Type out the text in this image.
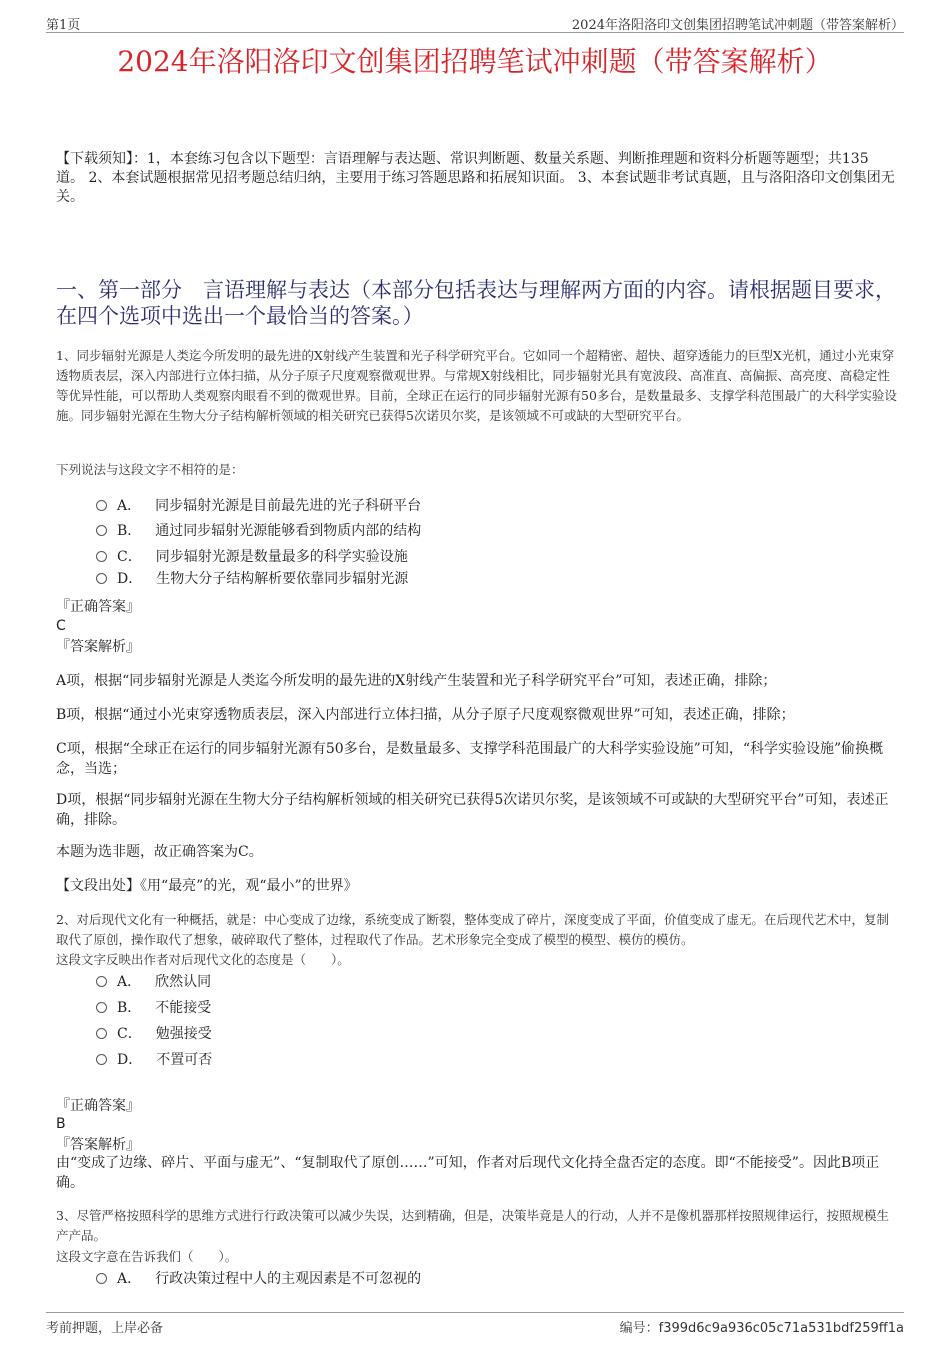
第1页	2024年洛阳洛印文创集团招聘笔试冲刺题（带答案解析）
2024年洛阳洛印文创集团招聘笔试冲刺题（带答案解析）
【下载须知】：1，本套练习包含以下题型：言语理解与表达题、常识判断题、数量关系题、判断推理题和资料分析题等题型；共135道。 2、本套试题根据常见招考题总结归纳，主要用于练习答题思路和拓展知识面。 3、本套试题非考试真题，且与洛阳洛印文创集团无关。
一、第一部分　言语理解与表达（本部分包括表达与理解两方面的内容。请根据题目要求，在四个选项中选出一个最恰当的答案。）
1、同步辐射光源是人类迄今所发明的最先进的X射线产生装置和光子科学研究平台。它如同一个超精密、超快、超穿透能力的巨型X光机，通过小光束穿透物质表层，深入内部进行立体扫描，从分子原子尺度观察微观世界。与常规X射线相比，同步辐射光具有宽波段、高准直、高偏振、高亮度、高稳定性等优异性能，可以帮助人类观察肉眼看不到的微观世界。目前，全球正在运行的同步辐射光源有50多台，是数量最多、支撑学科范围最广的大科学实验设施。同步辐射光源在生物大分子结构解析领域的相关研究已获得5次诺贝尔奖，是该领域不可或缺的大型研究平台。
下列说法与这段文字不相符的是：
A． 同步辐射光源是目前最先进的光子科研平台
B． 通过同步辐射光源能够看到物质内部的结构
C． 同步辐射光源是数量最多的科学实验设施
D． 生物大分子结构解析要依靠同步辐射光源
『正确答案』
C
『答案解析』
A项，根据“同步辐射光源是人类迄今所发明的最先进的X射线产生装置和光子科学研究平台”可知，表述正确，排除；
B项，根据“通过小光束穿透物质表层，深入内部进行立体扫描，从分子原子尺度观察微观世界”可知，表述正确，排除；
C项，根据“全球正在运行的同步辐射光源有50多台，是数量最多、支撑学科范围最广的大科学实验设施”可知，“科学实验设施”偷换概念，当选；
D项，根据“同步辐射光源在生物大分子结构解析领域的相关研究已获得5次诺贝尔奖，是该领域不可或缺的大型研究平台”可知，表述正确，排除。
本题为选非题，故正确答案为C。
【文段出处】《用“最亮”的光，观“最小”的世界》
2、对后现代文化有一种概括，就是：中心变成了边缘，系统变成了断裂，整体变成了碎片，深度变成了平面，价值变成了虚无。在后现代艺术中，复制取代了原创，操作取代了想象，破碎取代了整体，过程取代了作品。艺术形象完全变成了模型的模型、模仿的模仿。
这段文字反映出作者对后现代文化的态度是（　　）。
A． 欣然认同
B． 不能接受
C． 勉强接受
D． 不置可否
『正确答案』
B
『答案解析』
由“变成了边缘、碎片、平面与虚无”、“复制取代了原创……”可知，作者对后现代文化持全盘否定的态度。即“不能接受”。因此B项正确。
3、尽管严格按照科学的思维方式进行行政决策可以减少失误，达到精确，但是，决策毕竟是人的行动，人并不是像机器那样按照规律运行，按照规模生产产品。
这段文字意在告诉我们（　　）。
A． 行政决策过程中人的主观因素是不可忽视的
考前押题，上岸必备	编号：f399d6c9a936c05c71a531bdf259ff1a
